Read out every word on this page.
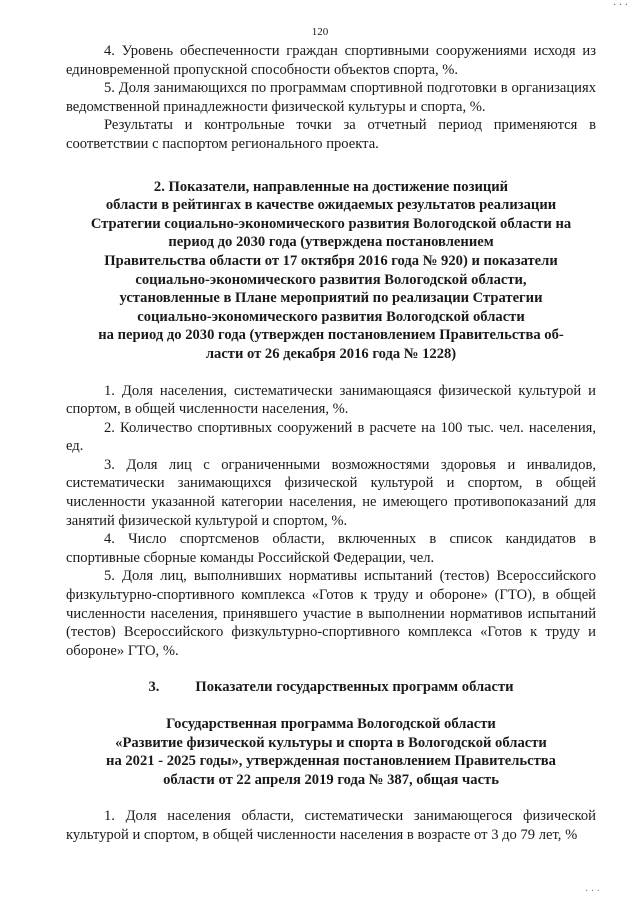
· · ·
120

4. Уровень обеспеченности граждан спортивными сооружениями исходя из единовременной пропускной способности объектов спорта, %.

5. Доля занимающихся по программам спортивной подготовки в организациях ведомственной принадлежности физической культуры и спорта, %.

Результаты и контрольные точки за отчетный период применяются в соответствии с паспортом регионального проекта.

2. Показатели, направленные на достижение позиций

области в рейтингах в качестве ожидаемых результатов реализации

Стратегии социально-экономического развития Вологодской области на

период до 2030 года (утверждена постановлением

Правительства области от 17 октября 2016 года № 920) и показатели

социально-экономического развития Вологодской области,

установленные в Плане мероприятий по реализации Стратегии

социально-экономического развития Вологодской области

на период до 2030 года (утвержден постановлением Правительства об-

ласти от 26 декабря 2016 года № 1228)

1. Доля населения, систематически занимающаяся физической культурой и спортом, в общей численности населения, %.

2. Количество спортивных сооружений в расчете на 100 тыс. чел. населения, ед.

3. Доля лиц с ограниченными возможностями здоровья и инвалидов, систематически занимающихся физической культурой и спортом, в общей численности указанной категории населения, не имеющего противопоказаний для занятий физической культурой и спортом, %.

4. Число спортсменов области, включенных в список кандидатов в спортивные сборные команды Российской Федерации, чел.

5. Доля лиц, выполнивших нормативы испытаний (тестов) Всероссийского физкультурно-спортивного комплекса «Готов к труду и обороне» (ГТО), в общей численности населения, принявшего участие в выполнении нормативов испытаний (тестов) Всероссийского физкультурно-спортивного комплекса «Готов к труду и обороне» ГТО, %.

3. Показатели государственных программ области

Государственная программа Вологодской области

«Развитие физической культуры и спорта в Вологодской области

на 2021 - 2025 годы», утвержденная постановлением Правительства

области от 22 апреля 2019 года № 387, общая часть

1. Доля населения области, систематически занимающегося физической культурой и спортом, в общей численности населения в возрасте от 3 до 79 лет, %

· · ·
